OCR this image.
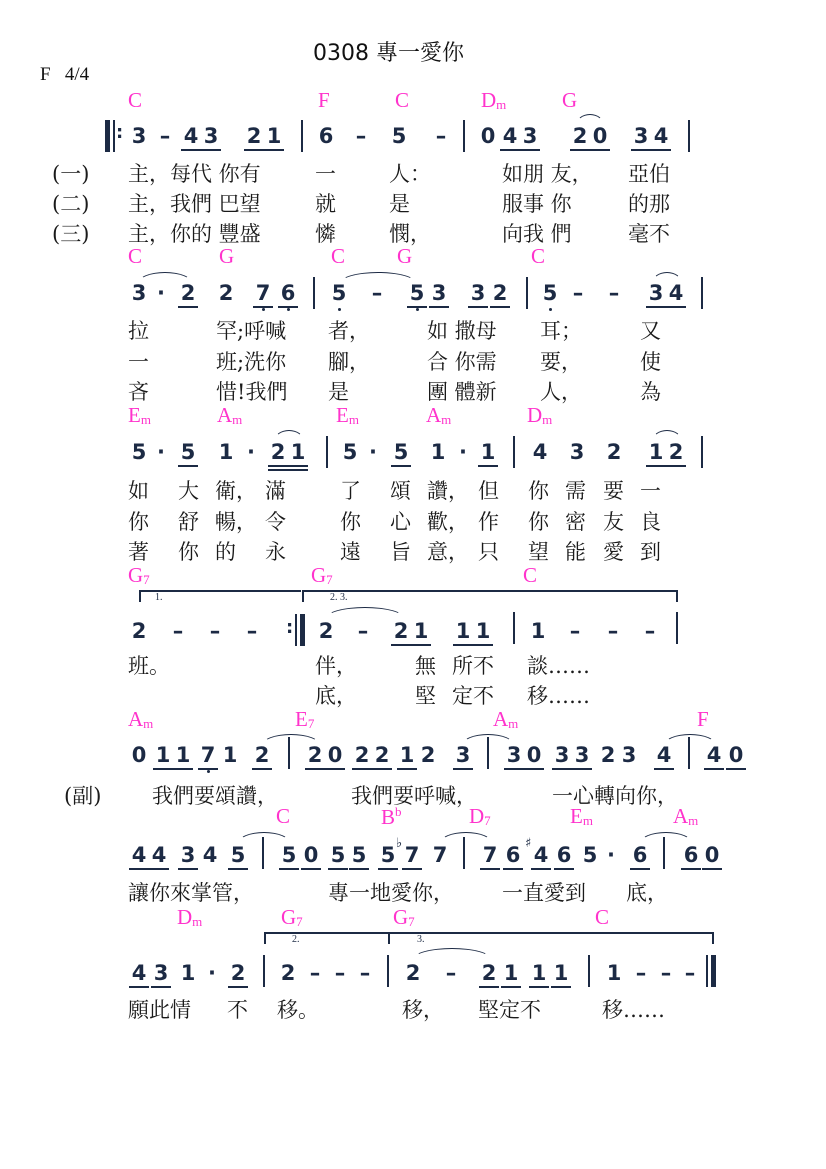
0308 專一愛你
F   4/4
C	F	C	$D_m$	G
: 3 – 4 3 2 1 6 – 5 – 0 4 3 2 0 3 4
(一)
(二)
(三)
主，每代 你有	一	人：	如朋 友， 亞伯
主，我們 巴望	就	是	服事 你	的那
主，你的 豐盛	憐	憫，	向我 們	毫不
C	G	C G	C
3 · 2 2 7 6 5 – 5 3 3 2 5 – – 3 4
拉	罕;呼喊 者，	如 撒母 耳；	又
一	班;洗你 腳，	合 你需 要，	使
吝	惜!我們 是	團 體新 人，	為
$E_m$	$A_m$	$E_m$	$A_m$	$D_m$
5 · 5 1 · 2 1 5 · 5 1 · 1 4 3 2 1 2
如 大 衛， 滿	了 頌 讚， 但 你 需 要 一
你 舒 暢， 令	你 心 歡， 作 你 密 友 良
著 你 的 永	遠 旨 意， 只 望 能 愛 到
$G_7$	$G_7$	C
1.	2. 3.
2 – – – : 2 – 2 1 1 1 1 – – –
班。	伴，	無 所不 談……
底，	堅 定不 移……
$A_m$	$E_7$	$A_m$	F
0 1 1 7 1 2 2 0 2 2 1 2 3 3 0 3 3 2 3 4 4 0
(副) 我們要頌讚，	我們要呼喊，	一心轉向你，
C	$B^b$	$D_7$	$E_m$	$A_m$
4 4 3 4 5 5 0 5 5 5 ♭ 7 7 7 6 ♯ 4 6 5 · 6 6 0
讓你來掌管，	專一地愛你， 一直愛到 底，
$D_m$	$G_7$	$G_7$	C
2.	3.
4 3 1 · 2 2 – – – 2 – 2 1 1 1 1 – – –
願此情 不 移。	移， 堅定不	移……
